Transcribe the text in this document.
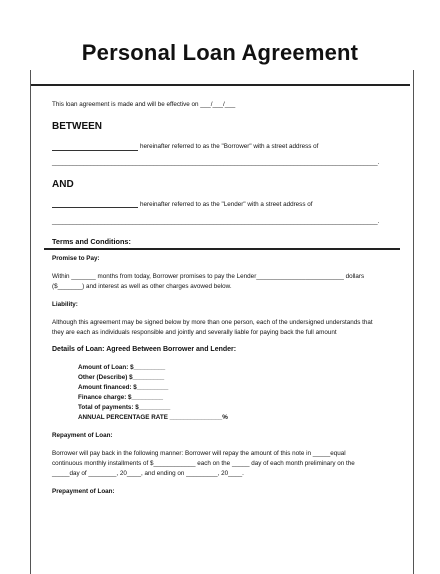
Personal Loan Agreement
This loan agreement is made and will be effective on ___/___/___
BETWEEN
hereinafter referred to as the "Borrower" with a street address of
_____________________________________________________________________________________________.
AND
hereinafter referred to as the "Lender" with a street address of
_____________________________________________________________________________________________.
Terms and Conditions:
Promise to Pay:
Within _______ months from today, Borrower promises to pay the Lender_________________________ dollars
($_______) and interest as well as other charges avowed below.
Liability:
Although this agreement may be signed below by more than one person, each of the undersigned understands that
they are each as individuals responsible and jointly and severally liable for paying back the full amount
Details of Loan: Agreed Between Borrower and Lender:
Amount of Loan: $_________
Other (Describe) $_________
Amount financed: $_________
Finance charge: $_________
Total of payments: $_________
ANNUAL PERCENTAGE RATE _______________%
Repayment of Loan:
Borrower will pay back in the following manner: Borrower will repay the amount of this note in _____equal
continuous monthly installments of $____________ each on the _____ day of each month preliminary on the
_____day of ________, 20____, and ending on _________, 20____.
Prepayment of Loan:
